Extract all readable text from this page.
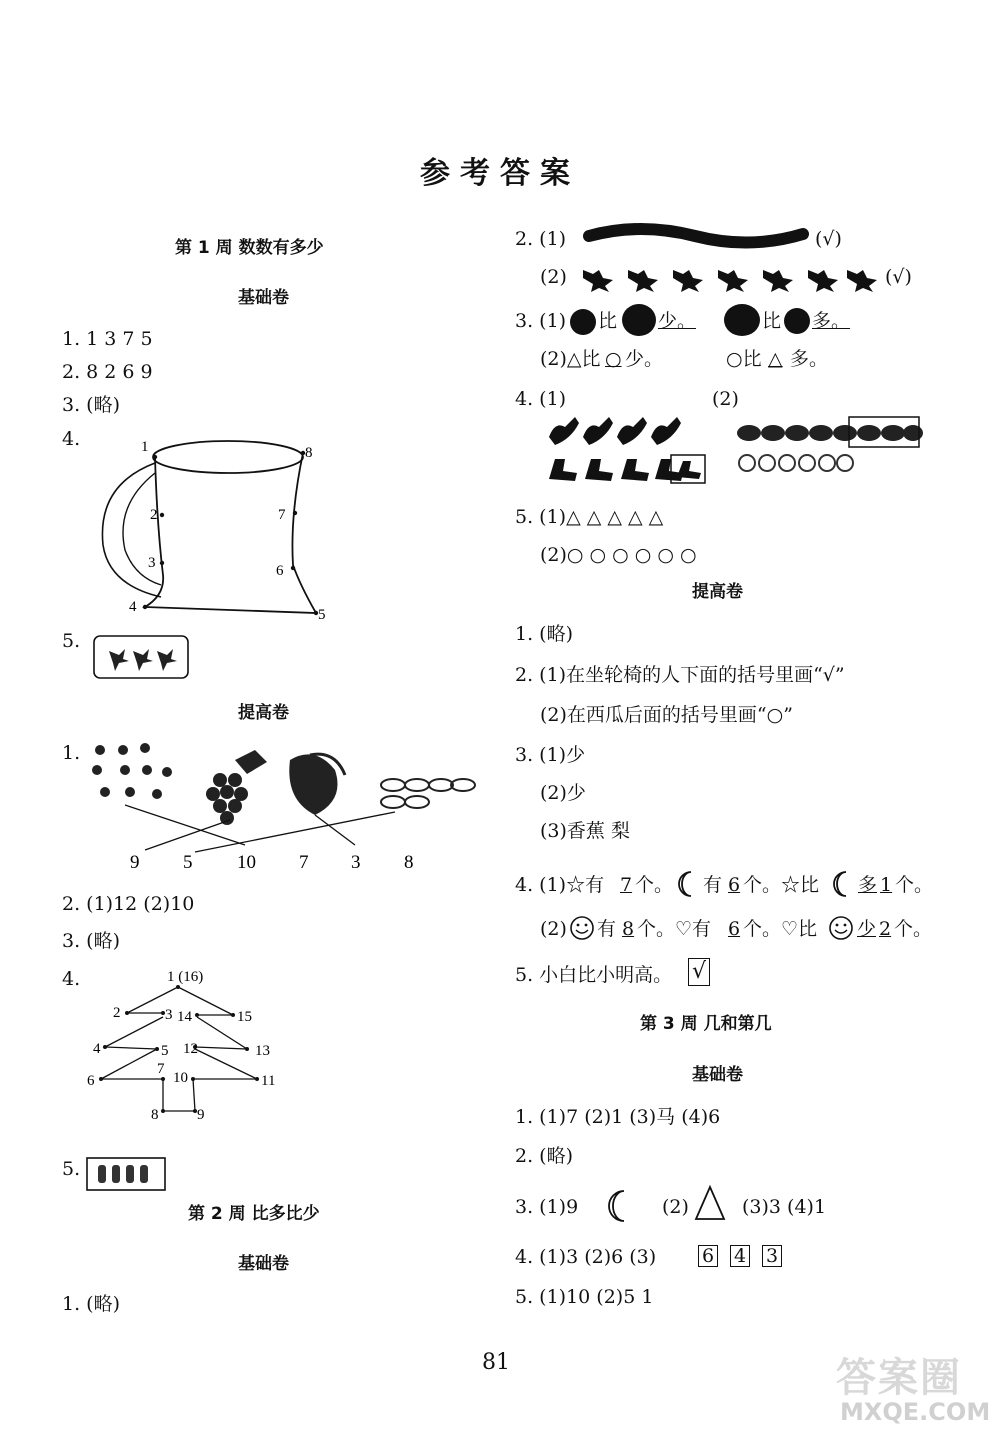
参考答案
第 1 周 数数有多少
基础卷
1. 1 3 7 5
2. 8 2 6 9
3. (略)
4.	1
2
3
4	5
6
7
8
5.
提高卷
1.
9 5 10 7 3 8
2. (1)12 (2)10
3. (略)
4.	1 (16)
2	3 14	15
4	5 12	13
6
7
10	11
8	9
5.
第 2 周 比多比少
基础卷
1. (略)
2. (1)	(√)
(2)	(√)
3. (1) 比 少。	比 多。
(2)△比 ○ 少。	○比 △ 多。
4. (1)	(2)
5. (1)△ △ △ △ △
(2)○ ○ ○ ○ ○ ○
提高卷
1. (略)
2. (1)在坐轮椅的人下面的括号里画“√”
(2)在西瓜后面的括号里画“○”
3. (1)少
(2)少
(3)香蕉 梨
4. (1)☆有 7 个。 有 6 个。☆比 多 1 个。
(2) 有 8 个。♡有 6 个。♡比 少 2 个。
5. 小白比小明高。 √
第 3 周 几和第几
基础卷
1. (1)7 (2)1 (3)马 (4)6
2. (略)
3. (1)9	(2)	(3)3 (4)1
4. (1)3 (2)6 (3) 6 4 3
5. (1)10 (2)5 1
81	答案圈
MXQE.COM
